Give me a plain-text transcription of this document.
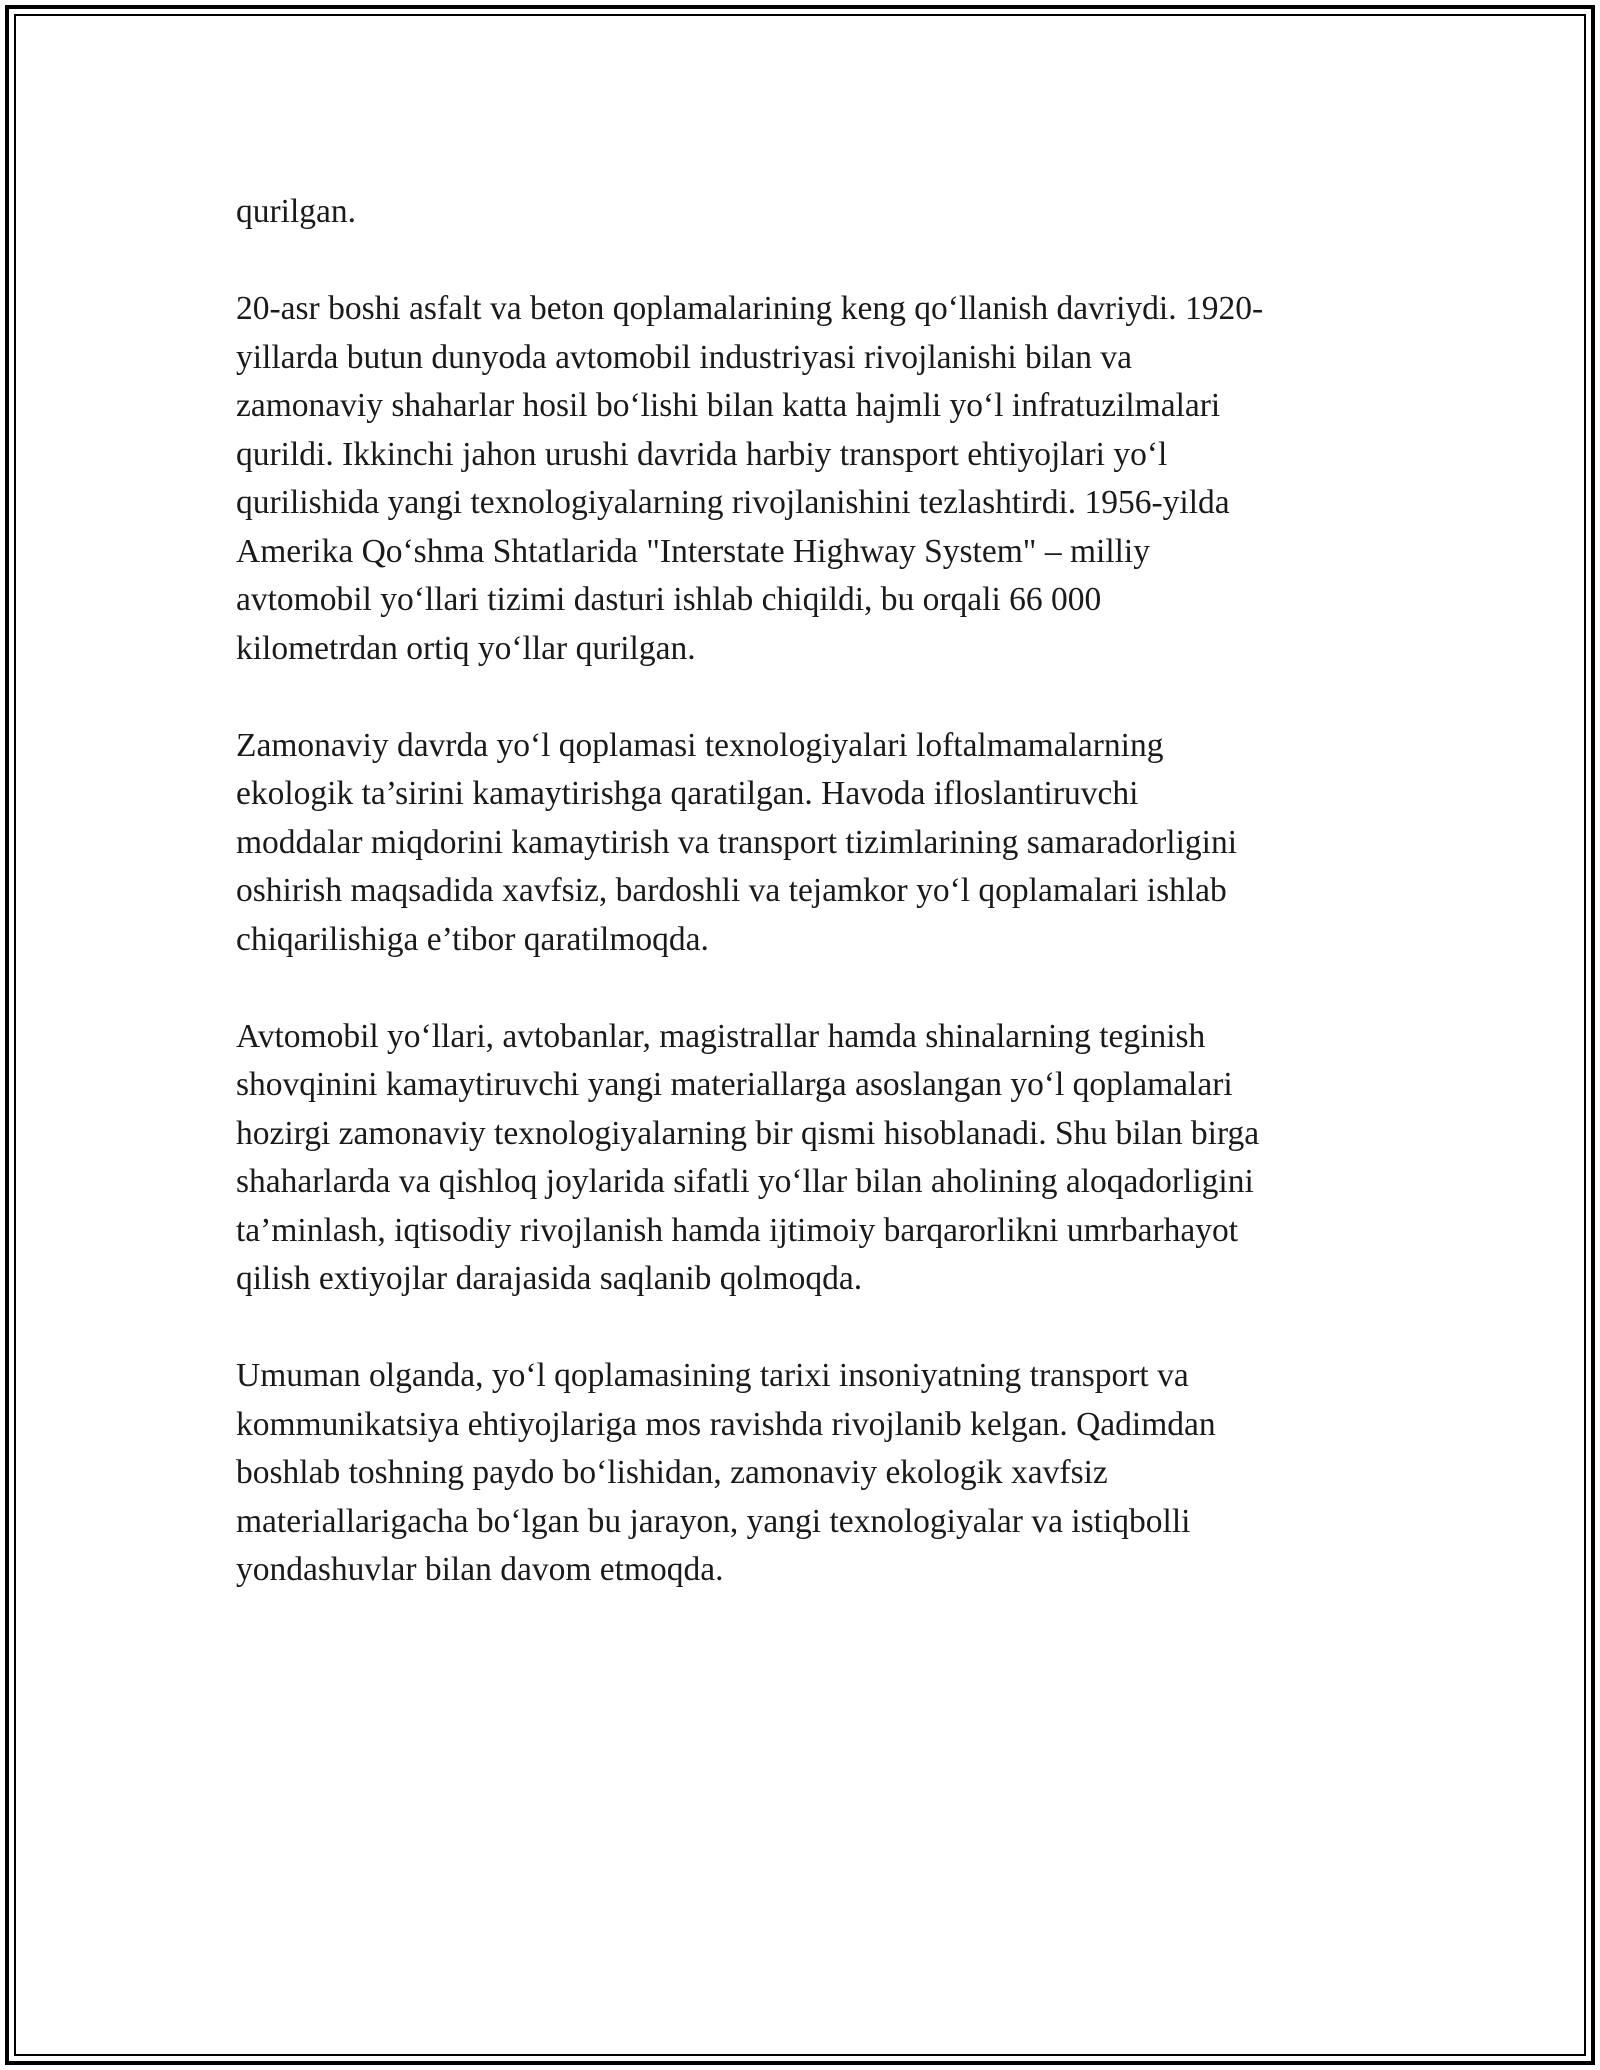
qurilgan.

20-asr boshi asfalt va beton qoplamalarining keng qo‘llanish davriydi. 1920-
yillarda butun dunyoda avtomobil industriyasi rivojlanishi bilan va
zamonaviy shaharlar hosil bo‘lishi bilan katta hajmli yo‘l infratuzilmalari
qurildi. Ikkinchi jahon urushi davrida harbiy transport ehtiyojlari yo‘l
qurilishida yangi texnologiyalarning rivojlanishini tezlashtirdi. 1956-yilda
Amerika Qo‘shma Shtatlarida "Interstate Highway System" – milliy
avtomobil yo‘llari tizimi dasturi ishlab chiqildi, bu orqali 66 000
kilometrdan ortiq yo‘llar qurilgan.

Zamonaviy davrda yo‘l qoplamasi texnologiyalari loftalmamalarning
ekologik ta’sirini kamaytirishga qaratilgan. Havoda ifloslantiruvchi
moddalar miqdorini kamaytirish va transport tizimlarining samaradorligini
oshirish maqsadida xavfsiz, bardoshli va tejamkor yo‘l qoplamalari ishlab
chiqarilishiga e’tibor qaratilmoqda.

Avtomobil yo‘llari, avtobanlar, magistrallar hamda shinalarning teginish
shovqinini kamaytiruvchi yangi materiallarga asoslangan yo‘l qoplamalari
hozirgi zamonaviy texnologiyalarning bir qismi hisoblanadi. Shu bilan birga
shaharlarda va qishloq joylarida sifatli yo‘llar bilan aholining aloqadorligini
ta’minlash, iqtisodiy rivojlanish hamda ijtimoiy barqarorlikni umrbarhayot
qilish extiyojlar darajasida saqlanib qolmoqda.

Umuman olganda, yo‘l qoplamasining tarixi insoniyatning transport va
kommunikatsiya ehtiyojlariga mos ravishda rivojlanib kelgan. Qadimdan
boshlab toshning paydo bo‘lishidan, zamonaviy ekologik xavfsiz
materiallarigacha bo‘lgan bu jarayon, yangi texnologiyalar va istiqbolli
yondashuvlar bilan davom etmoqda.
